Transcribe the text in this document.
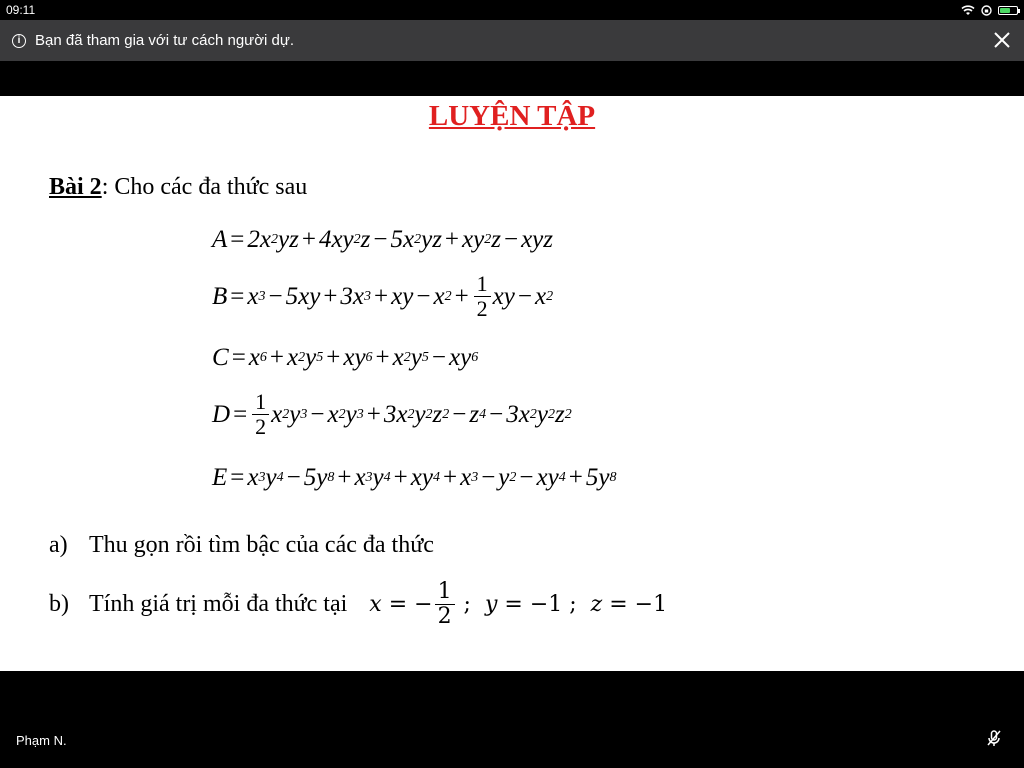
09:11
i Bạn đã tham gia với tư cách người dự.
LUYỆN TẬP
Bài 2: Cho các đa thức sau
A = 2x 2 yz + 4xy 2 z − 5x 2 yz + xy 2 z − xyz
B = x 3 − 5xy + 3x 3 + xy − x $2 + \frac{1}{2}$ xy − x 2
C = x 6 + x 2 y 5 + xy 6 + x 2 y 5 − xy 6
$D = \frac{1}{2}$ x 2 y 3 − x 2 y 3 + 3x 2 y 2 z 2 − z 4 − 3x 2 y 2 z 2
E = x 3 y 4 − 5y 8 + x 3 y 4 + xy 4 + x 3 − y 2 − xy 4 + 5y 8
a) Thu gọn rồi tìm bậc của các đa thức
b) Tính giá trị mỗi đa thức tại x = − $\frac{1}{2}$ ; y = −1 ; z = −1
Phạm N.
